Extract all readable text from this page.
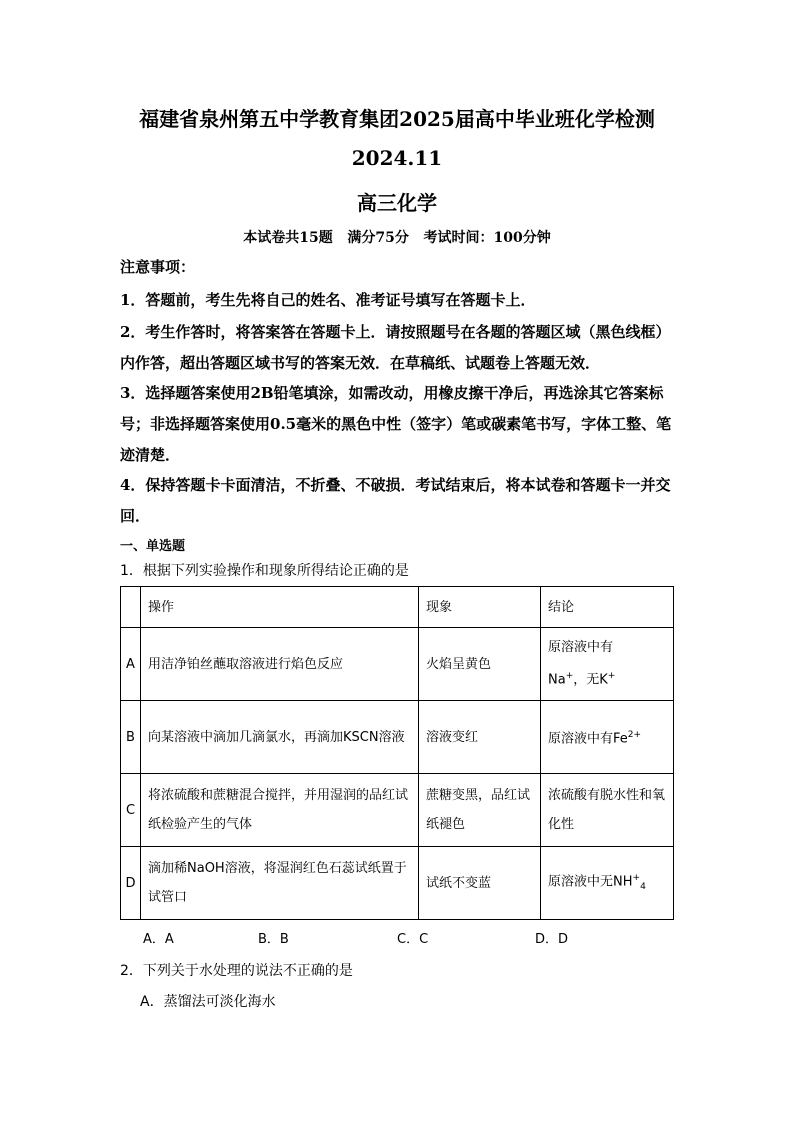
福建省泉州第五中学教育集团2025届高中毕业班化学检测
2024.11
高三化学
本试卷共15题   满分75分   考试时间：100分钟
注意事项：
1．答题前，考生先将自己的姓名、准考证号填写在答题卡上．
2．考生作答时，将答案答在答题卡上．请按照题号在各题的答题区域（黑色线框）内作答，超出答题区域书写的答案无效．在草稿纸、试题卷上答题无效．
3．选择题答案使用2B铅笔填涂，如需改动，用橡皮擦干净后，再选涂其它答案标号；非选择题答案使用0.5毫米的黑色中性（签字）笔或碳素笔书写，字体工整、笔迹清楚．
4．保持答题卡卡面清洁，不折叠、不破损．考试结束后，将本试卷和答题卡一并交回．
一、单选题
1．根据下列实验操作和现象所得结论正确的是
	操作	现象	结论
A	用洁净铂丝蘸取溶液进行焰色反应	火焰呈黄色	原溶液中有
Na+，无K+

B	向某溶液中滴加几滴氯水，再滴加KSCN溶液	溶液变红	原溶液中有$Fe^{2+}$
C	将浓硫酸和蔗糖混合搅拌，并用湿润的品红试纸检验产生的气体	蔗糖变黑，品红试纸褪色	浓硫酸有脱水性和氧化性
D	滴加稀NaOH溶液，将湿润红色石蕊试纸置于试管口	试纸不变蓝	原溶液中无$NH^+_4$
A．A	B．B	C．C	D．D
2．下列关于水处理的说法不正确的是
A．蒸馏法可淡化海水
